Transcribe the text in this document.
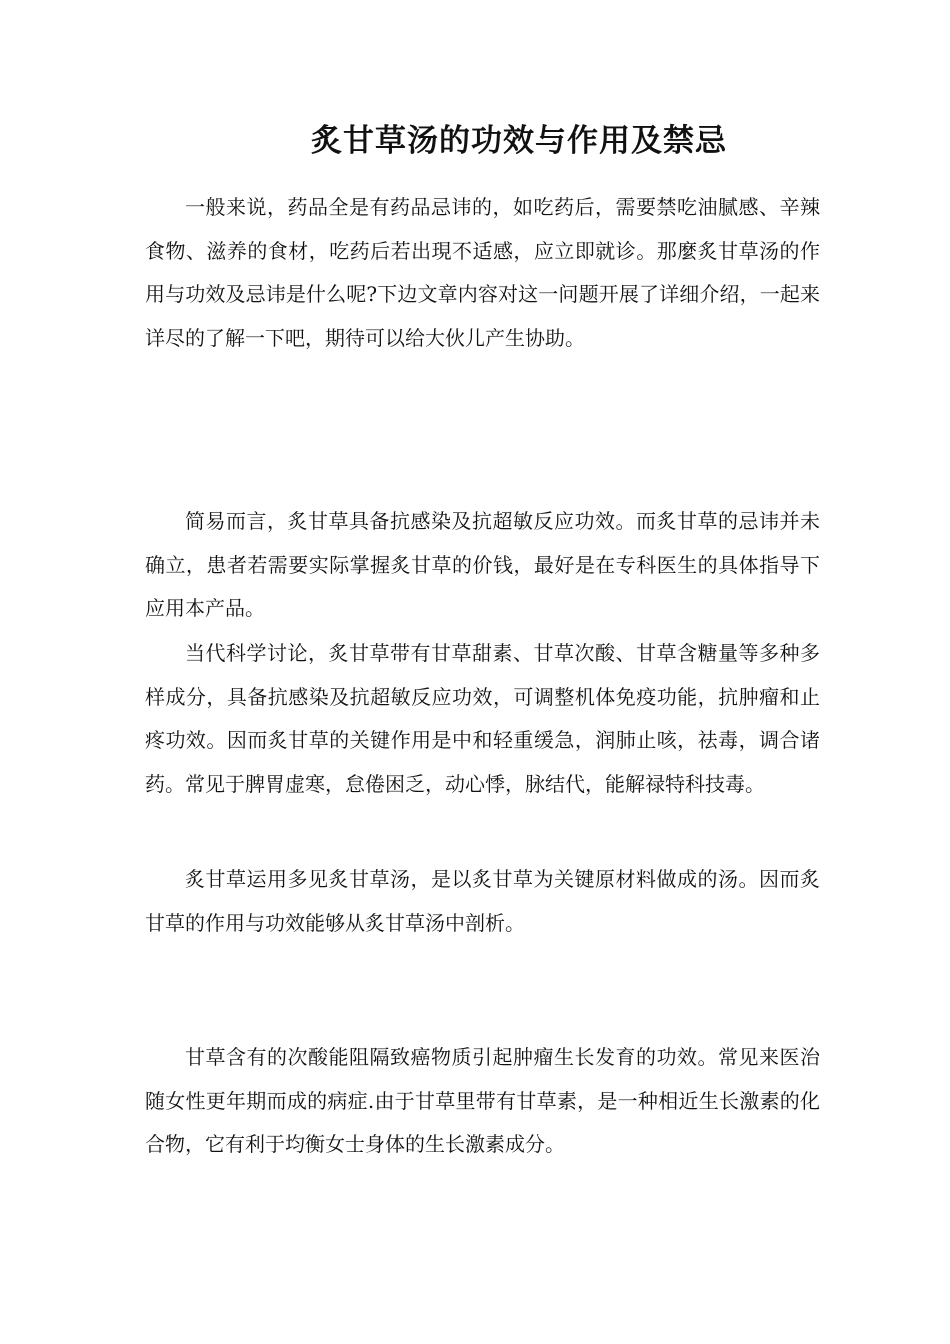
炙甘草汤的功效与作用及禁忌

一般来说，药品全是有药品忌讳的，如吃药后，需要禁吃油腻感、辛辣食物、滋养的食材，吃药后若出現不适感，应立即就诊。那麼炙甘草汤的作用与功效及忌讳是什么呢?下边文章内容对这一问题开展了详细介绍，一起来详尽的了解一下吧，期待可以给大伙儿产生协助。

简易而言，炙甘草具备抗感染及抗超敏反应功效。而炙甘草的忌讳并未确立，患者若需要实际掌握炙甘草的价钱，最好是在专科医生的具体指导下应用本产品。

当代科学讨论，炙甘草带有甘草甜素、甘草次酸、甘草含糖量等多种多样成分，具备抗感染及抗超敏反应功效，可调整机体免疫功能，抗肿瘤和止疼功效。因而炙甘草的关键作用是中和轻重缓急，润肺止咳，祛毒，调合诸药。常见于脾胃虚寒，怠倦困乏，动心悸，脉结代，能解禄特科技毒。

炙甘草运用多见炙甘草汤，是以炙甘草为关键原材料做成的汤。因而炙甘草的作用与功效能够从炙甘草汤中剖析。

甘草含有的次酸能阻隔致癌物质引起肿瘤生长发育的功效。常见来医治随女性更年期而成的病症.由于甘草里带有甘草素，是一种相近生长激素的化合物，它有利于均衡女士身体的生长激素成分。
